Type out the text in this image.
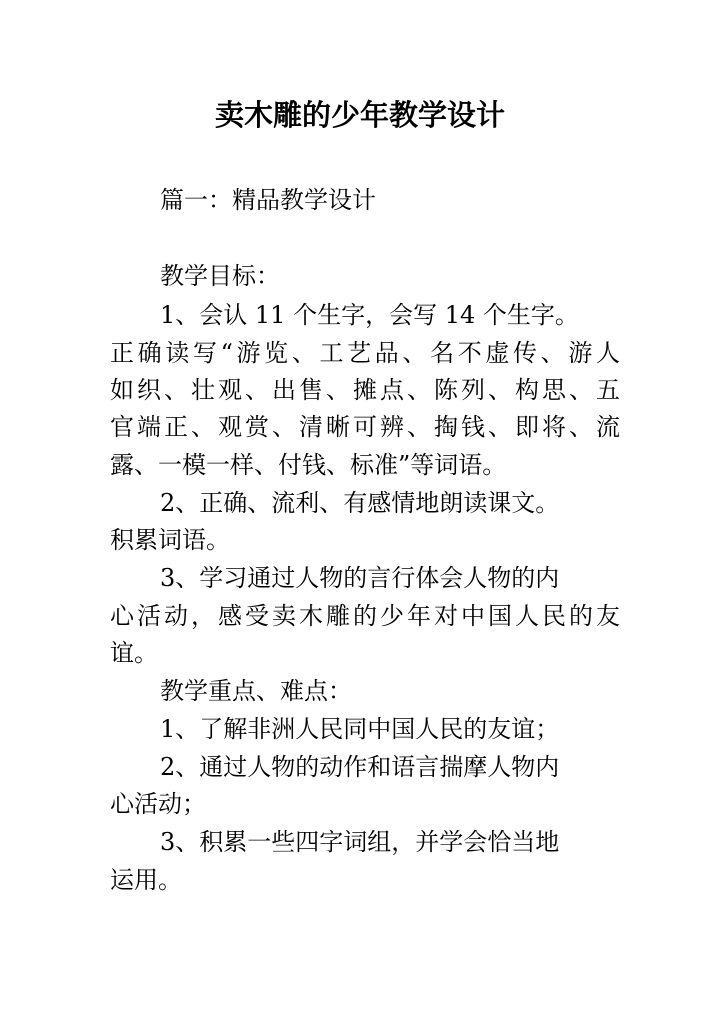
卖木雕的少年教学设计
篇一：精品教学设计
教学目标：
1、会认 11 个生字，会写 14 个生字。
正确读写“游览、工艺品、名不虚传、游人
如织、壮观、出售、摊点、陈列、构思、五
官端正、观赏、清晰可辨、掏钱、即将、流
露、一模一样、付钱、标准”等词语。
2、正确、流利、有感情地朗读课文。
积累词语。
3、学习通过人物的言行体会人物的内
心活动，感受卖木雕的少年对中国人民的友
谊。
教学重点、难点：
1、了解非洲人民同中国人民的友谊；
2、通过人物的动作和语言揣摩人物内
心活动；
3、积累一些四字词组，并学会恰当地
运用。
